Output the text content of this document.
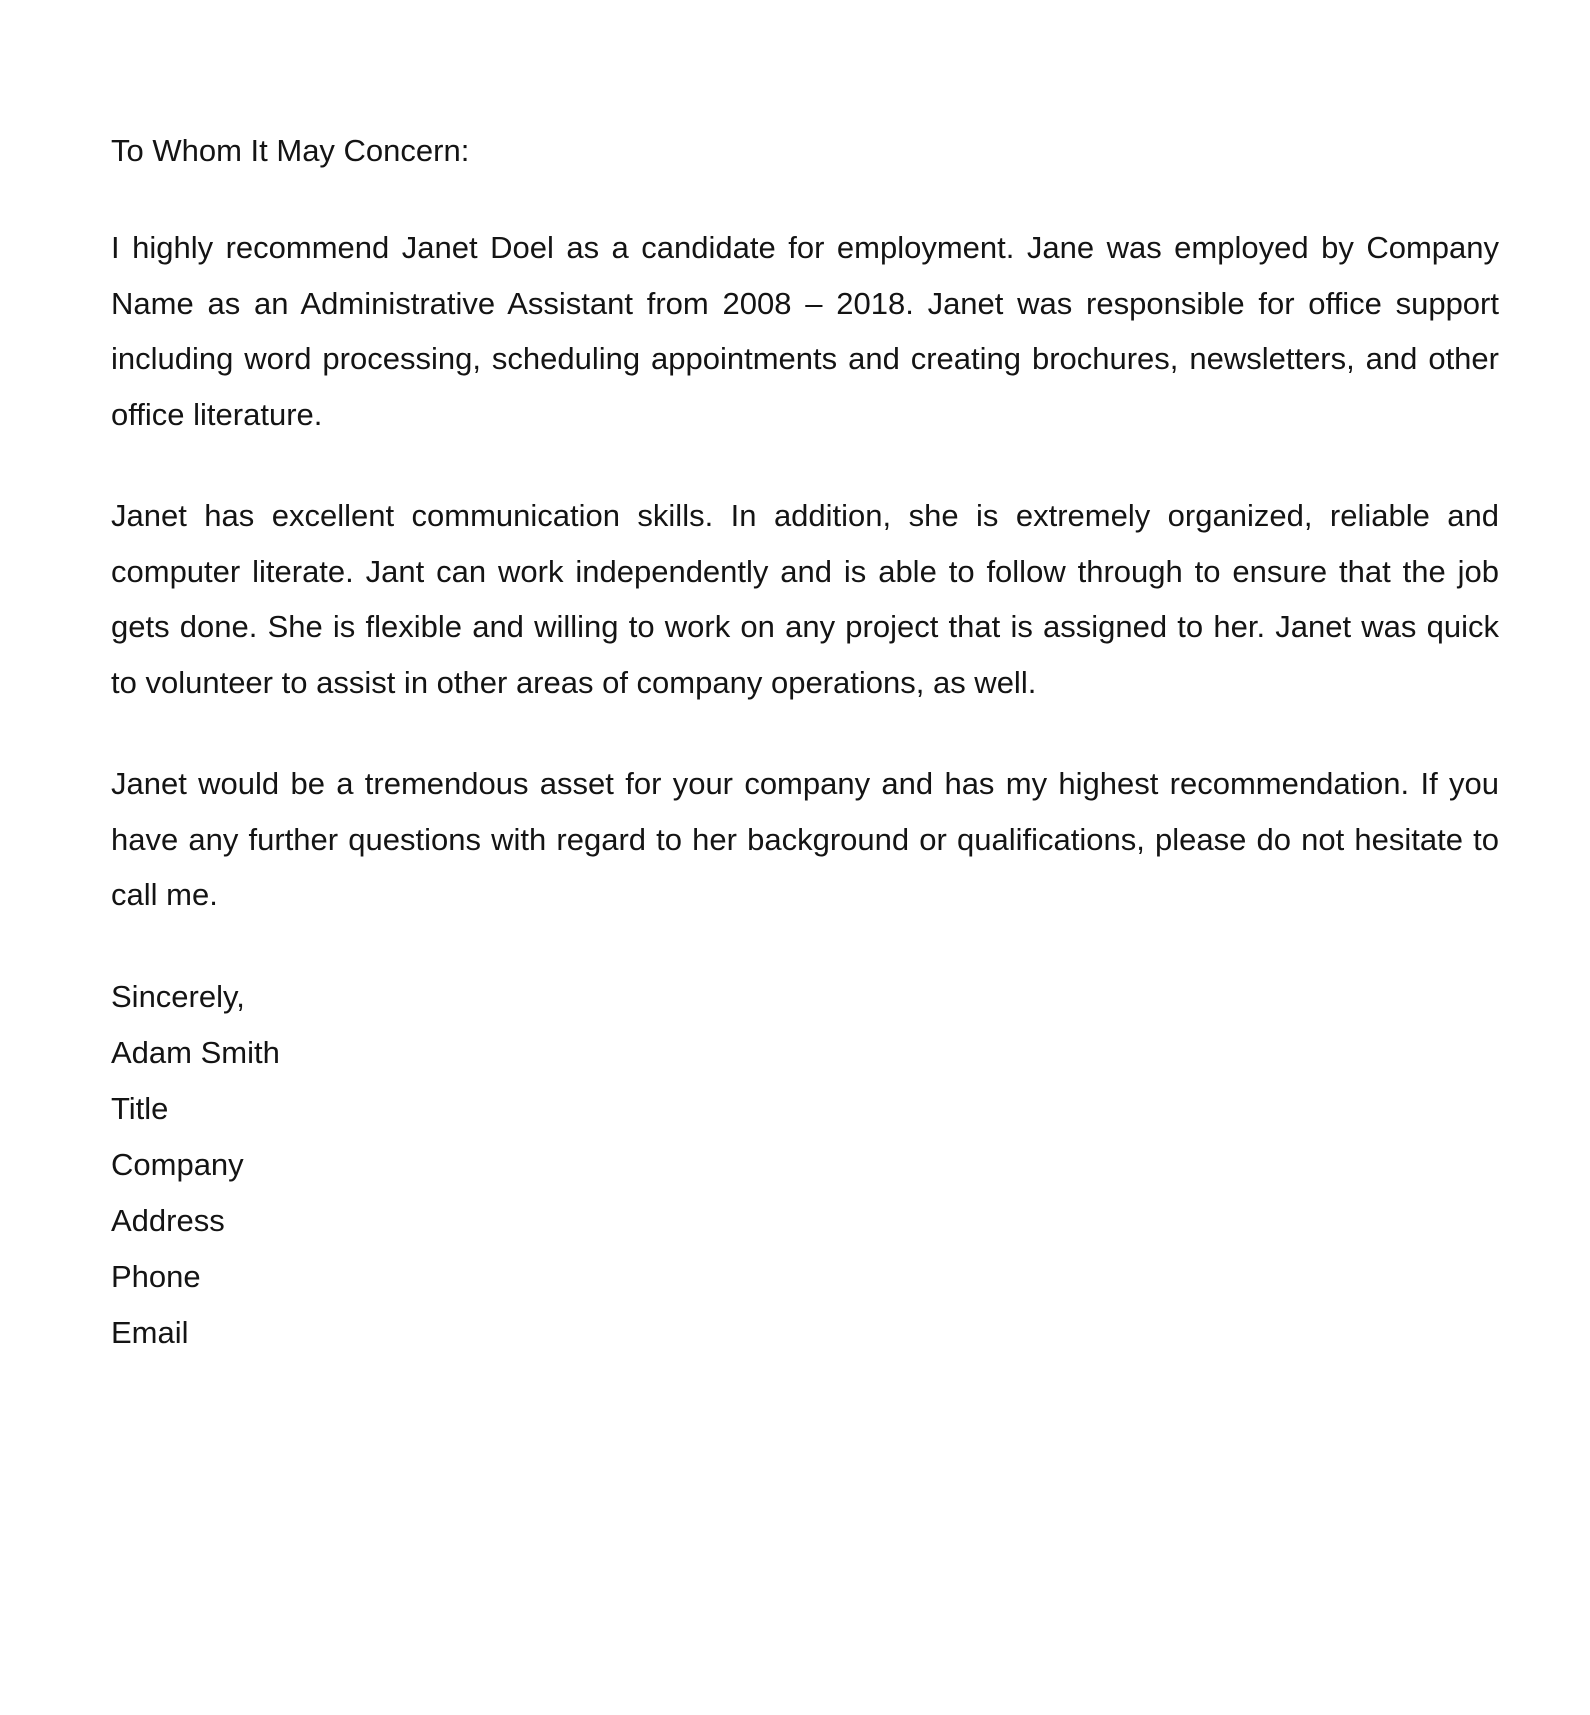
To Whom It May Concern:

I highly recommend Janet Doel as a candidate for employment. Jane was employed by Company Name as an Administrative Assistant from 2008 – 2018. Janet was responsible for office support including word processing, scheduling appointments and creating brochures, newsletters, and other office literature.

Janet has excellent communication skills. In addition, she is extremely organized, reliable and computer literate. Jant can work independently and is able to follow through to ensure that the job gets done. She is flexible and willing to work on any project that is assigned to her. Janet was quick to volunteer to assist in other areas of company operations, as well.

Janet would be a tremendous asset for your company and has my highest recommendation. If you have any further questions with regard to her background or qualifications, please do not hesitate to call me.

Sincerely,
Adam Smith
Title
Company
Address
Phone
Email
